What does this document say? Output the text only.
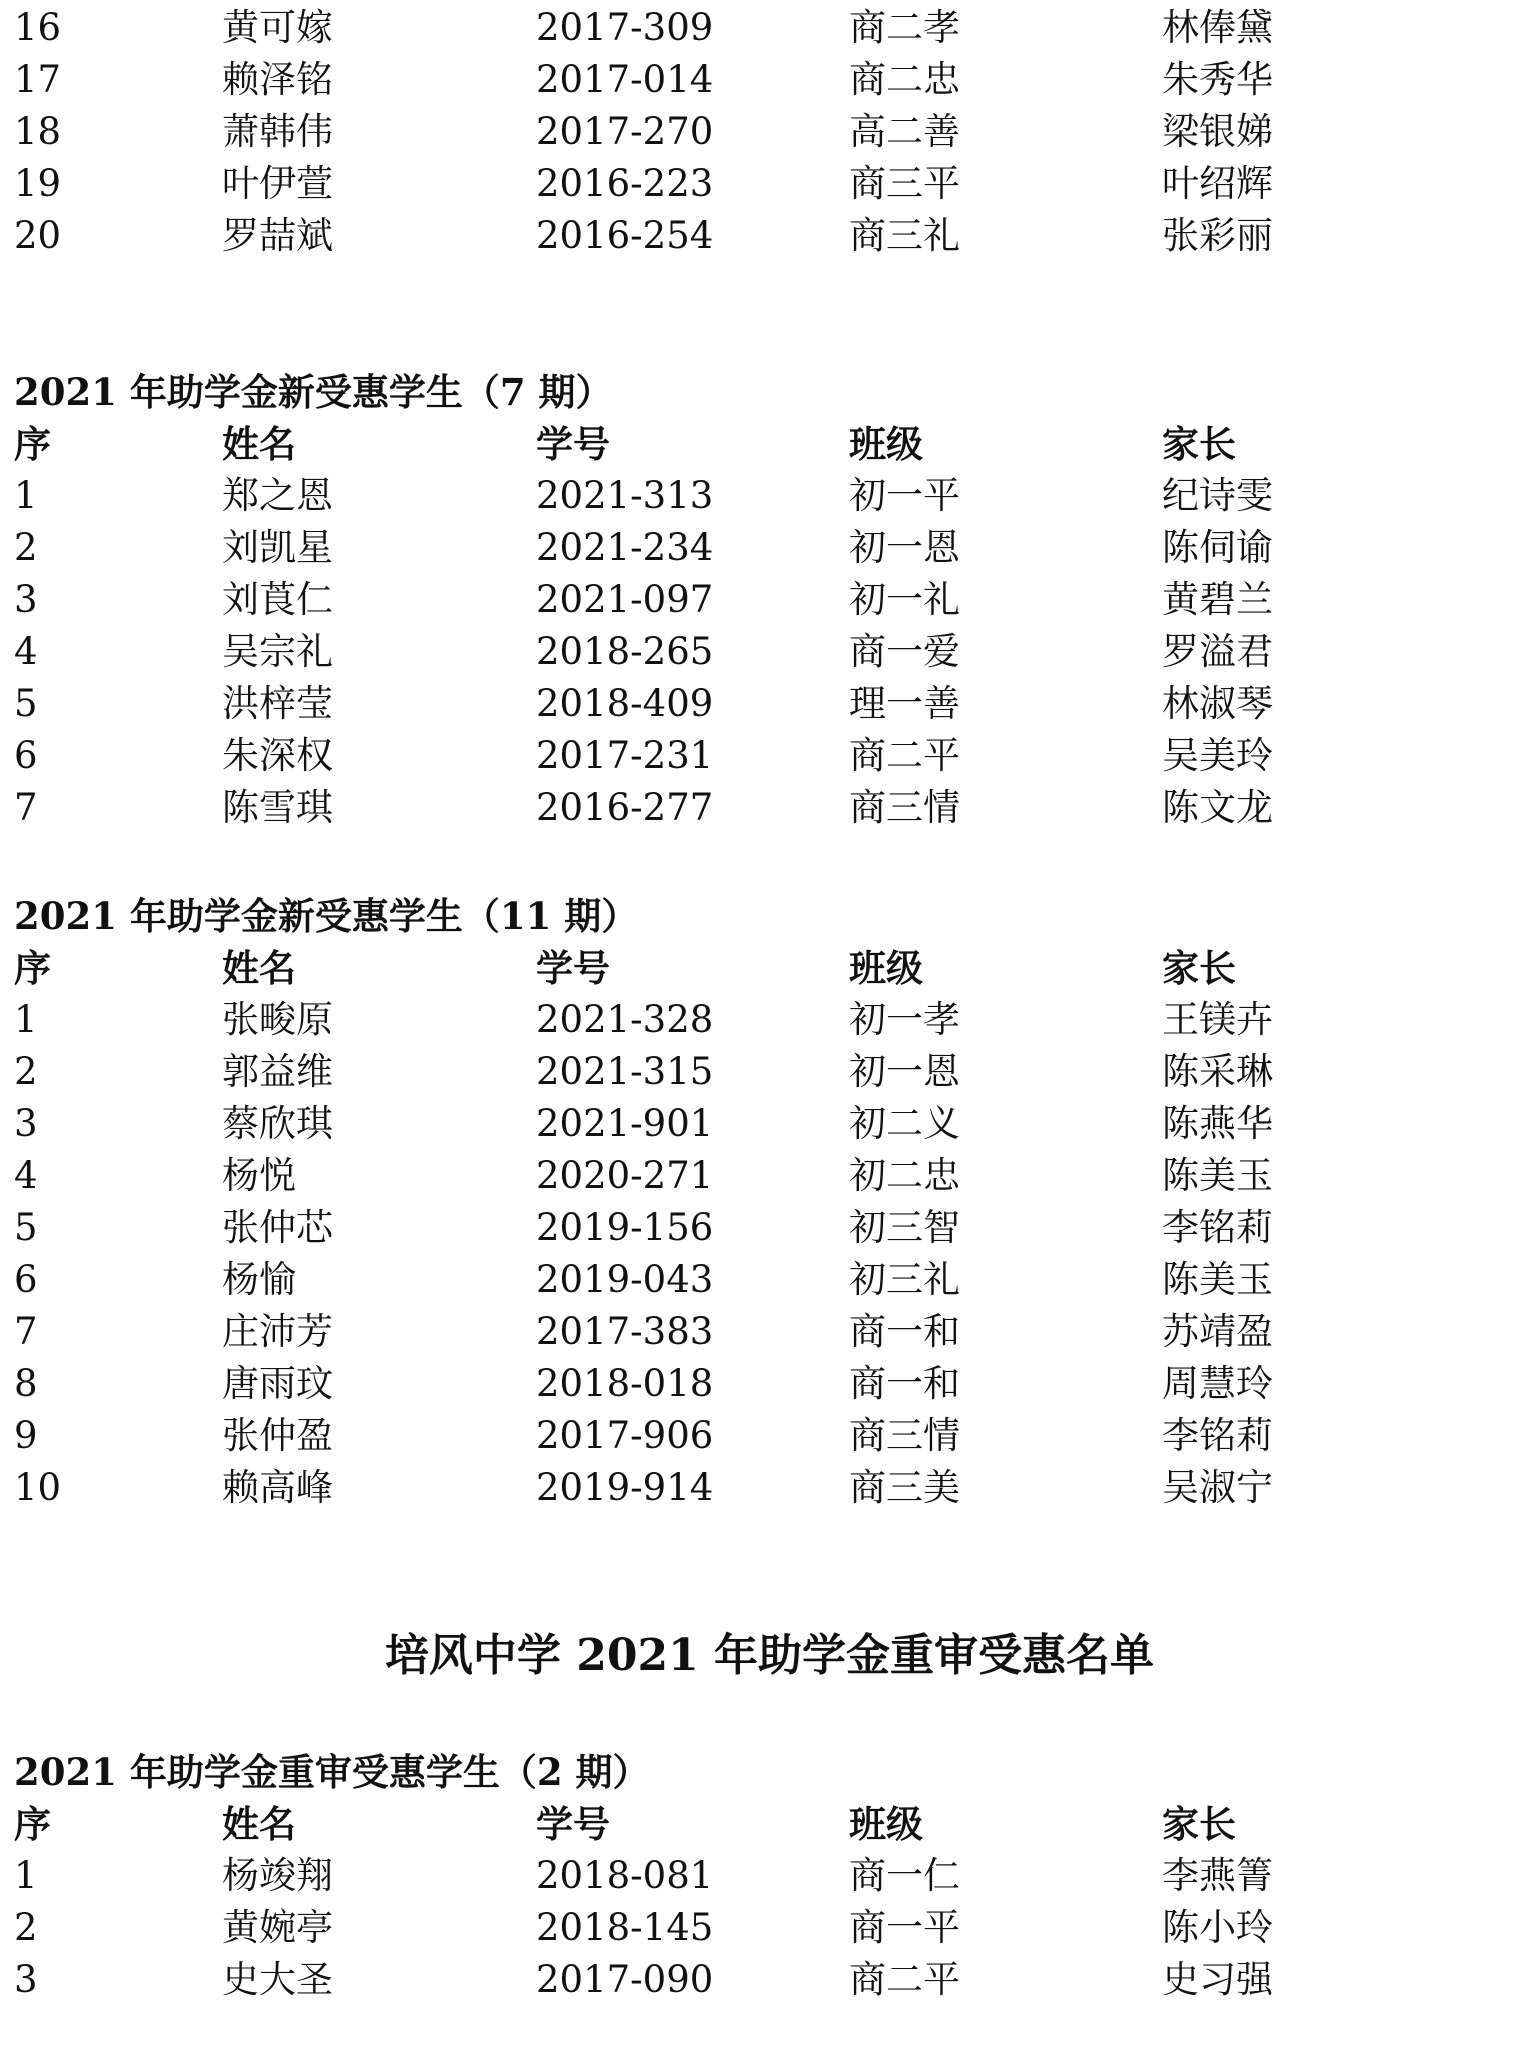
16	黄可嫁	2017-309	商二孝	林俸黛
17	赖泽铭	2017-014	商二忠	朱秀华
18	萧韩伟	2017-270	高二善	梁银娣
19	叶伊萱	2016-223	商三平	叶绍辉
20	罗喆斌	2016-254	商三礼	张彩丽
2021 年助学金新受惠学生（7 期）
序	姓名	学号	班级	家长
1	郑之恩	2021-313	初一平	纪诗雯
2	刘凯星	2021-234	初一恩	陈伺谕
3	刘莨仁	2021-097	初一礼	黄碧兰
4	吴宗礼	2018-265	商一爱	罗溢君
5	洪梓莹	2018-409	理一善	林淑琴
6	朱深权	2017-231	商二平	吴美玲
7	陈雪琪	2016-277	商三情	陈文龙
2021 年助学金新受惠学生（11 期）
序	姓名	学号	班级	家长
1	张畯原	2021-328	初一孝	王镁卉
2	郭益维	2021-315	初一恩	陈采琳
3	蔡欣琪	2021-901	初二义	陈燕华
4	杨悦	2020-271	初二忠	陈美玉
5	张仲芯	2019-156	初三智	李铭莉
6	杨愉	2019-043	初三礼	陈美玉
7	庄沛芳	2017-383	商一和	苏靖盈
8	唐雨玟	2018-018	商一和	周慧玲
9	张仲盈	2017-906	商三情	李铭莉
10	赖高峰	2019-914	商三美	吴淑宁
培风中学 2021 年助学金重审受惠名单
2021 年助学金重审受惠学生（2 期）
序	姓名	学号	班级	家长
1	杨竣翔	2018-081	商一仁	李燕箐
2	黄婉亭	2018-145	商一平	陈小玲
3	史大圣	2017-090	商二平	史习强
